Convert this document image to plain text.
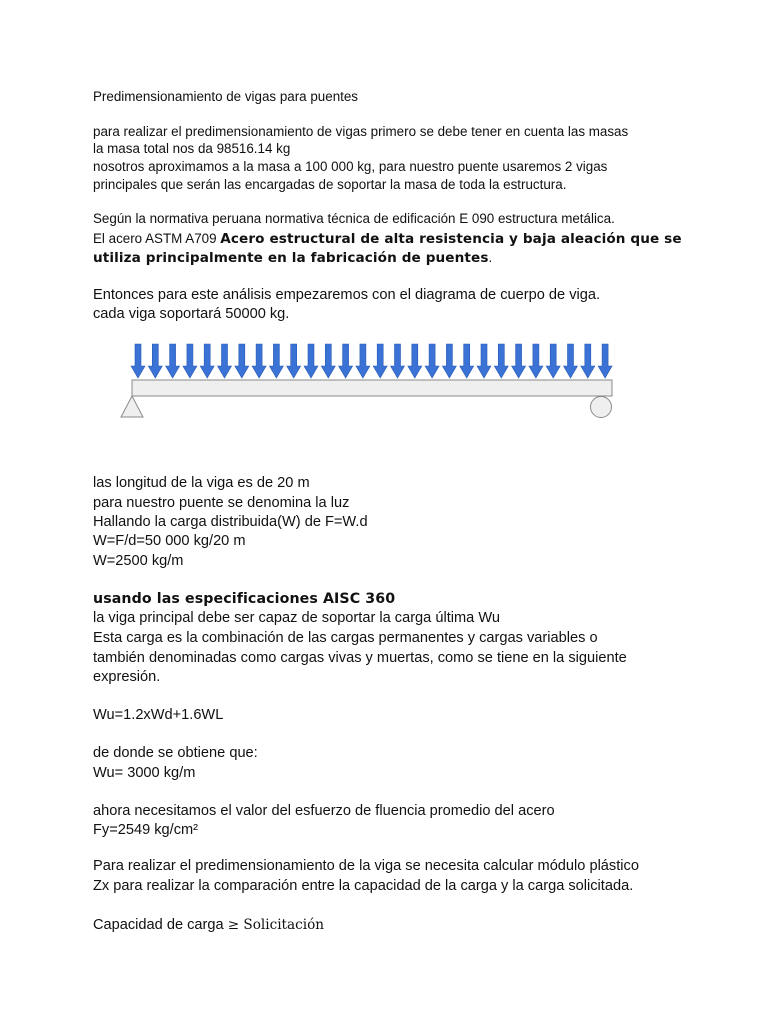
Predimensionamiento de vigas para puentes
para realizar el predimensionamiento de vigas primero se debe tener en cuenta las masas
la masa total nos da 98516.14 kg
nosotros aproximamos a la masa a 100 000 kg, para nuestro puente usaremos 2 vigas
principales que serán las encargadas de soportar la masa de toda la estructura.
Según la normativa peruana normativa técnica de edificación E 090 estructura metálica.
El acero ASTM A709 Acero estructural de alta resistencia y baja aleación que se
utiliza principalmente en la fabricación de puentes.
Entonces para este análisis empezaremos con el diagrama de cuerpo de viga.
cada viga soportará 50000 kg.
las longitud de la viga es de 20 m
para nuestro puente se denomina la luz
Hallando la carga distribuida(W) de F=W.d
W=F/d=50 000 kg/20 m
W=2500 kg/m
usando las especificaciones AISC 360
la viga principal debe ser capaz de soportar la carga última Wu
Esta carga es la combinación de las cargas permanentes y cargas variables o
también denominadas como cargas vivas y muertas, como se tiene en la siguiente
expresión.
Wu=1.2xWd+1.6WL
de donde se obtiene que:
Wu= 3000 kg/m
ahora necesitamos el valor del esfuerzo de fluencia promedio del acero
Fy=2549 kg/cm²
Para realizar el predimensionamiento de la viga se necesita calcular módulo plástico
Zx para realizar la comparación entre la capacidad de la carga y la carga solicitada.
Capacidad de carga ≥ Solicitación
